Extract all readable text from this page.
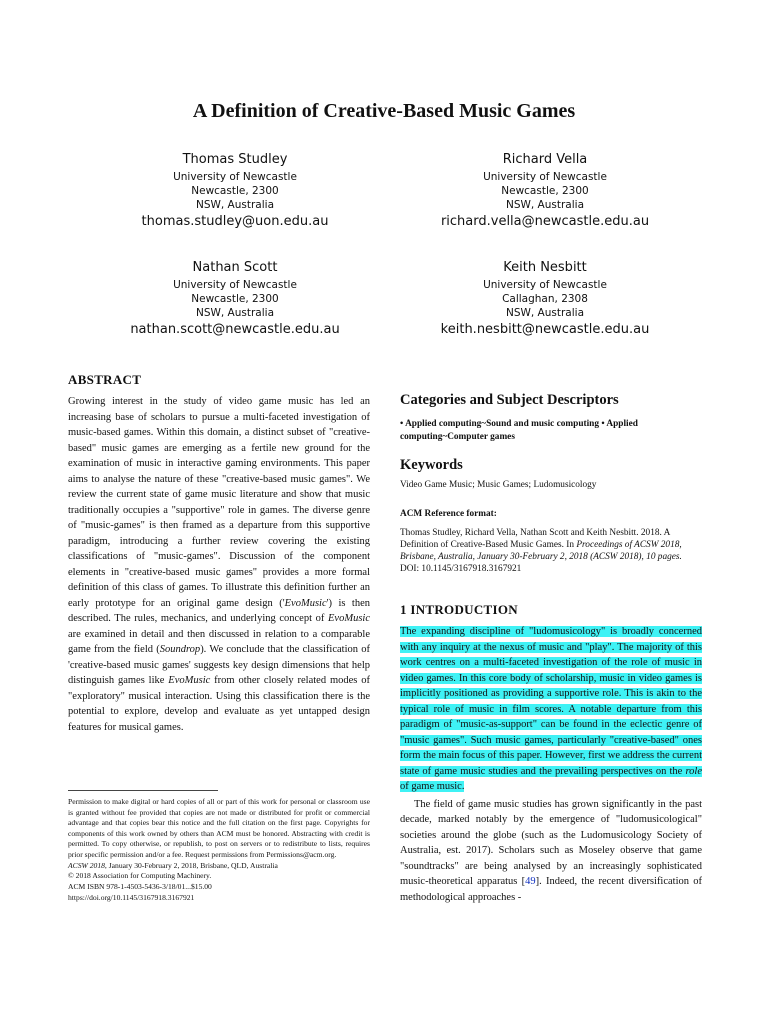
A Definition of Creative-Based Music Games
Thomas Studley
University of Newcastle
Newcastle, 2300
NSW, Australia
thomas.studley@uon.edu.au
Richard Vella
University of Newcastle
Newcastle, 2300
NSW, Australia
richard.vella@newcastle.edu.au
Nathan Scott
University of Newcastle
Newcastle, 2300
NSW, Australia
nathan.scott@newcastle.edu.au
Keith Nesbitt
University of Newcastle
Callaghan, 2308
NSW, Australia
keith.nesbitt@newcastle.edu.au
ABSTRACT

Growing interest in the study of video game music has led an increasing base of scholars to pursue a multi-faceted investigation of music-based games. Within this domain, a distinct subset of "creative-based" music games are emerging as a fertile new ground for the examination of music in interactive gaming environments. This paper aims to analyse the nature of these "creative-based music games". We review the current state of game music literature and show that music traditionally occupies a "supportive" role in games. The diverse genre of "music-games" is then framed as a departure from this supportive paradigm, introducing a further review covering the existing classifications of "music-games". Discussion of the component elements in "creative-based music games" provides a more formal definition of this class of games. To illustrate this definition further an early prototype for an original game design ('EvoMusic') is then described. The rules, mechanics, and underlying concept of EvoMusic are examined in detail and then discussed in relation to a comparable game from the field (Soundrop). We conclude that the classification of 'creative-based music games' suggests key design dimensions that help distinguish games like EvoMusic from other closely related modes of "exploratory" musical interaction. Using this classification there is the potential to explore, develop and evaluate as yet untapped design features for musical games.

Permission to make digital or hard copies of all or part of this work for personal or classroom use is granted without fee provided that copies are not made or distributed for profit or commercial advantage and that copies bear this notice and the full citation on the first page. Copyrights for components of this work owned by others than ACM must be honored. Abstracting with credit is permitted. To copy otherwise, or republish, to post on servers or to redistribute to lists, requires prior specific permission and/or a fee. Request permissions from Permissions@acm.org.

ACSW 2018, January 30-February 2, 2018, Brisbane, QLD, Australia

© 2018 Association for Computing Machinery.

ACM ISBN 978-1-4503-5436-3/18/01...$15.00

https://doi.org/10.1145/3167918.3167921

Categories and Subject Descriptors

• Applied computing~Sound and music computing • Applied computing~Computer games

Keywords

Video Game Music; Music Games; Ludomusicology

ACM Reference format:

Thomas Studley, Richard Vella, Nathan Scott and Keith Nesbitt. 2018. A Definition of Creative-Based Music Games. In Proceedings of ACSW 2018, Brisbane, Australia, January 30-February 2, 2018 (ACSW 2018), 10 pages.

DOI: 10.1145/3167918.3167921

1 INTRODUCTION

The expanding discipline of "ludomusicology" is broadly concerned with any inquiry at the nexus of music and "play". The majority of this work centres on a multi-faceted investigation of the role of music in video games. In this core body of scholarship, music in video games is implicitly positioned as providing a supportive role. This is akin to the typical role of music in film scores. A notable departure from this paradigm of "music-as-support" can be found in the eclectic genre of "music games". Such music games, particularly "creative-based" ones form the main focus of this paper. However, first we address the current state of game music studies and the prevailing perspectives on the role of game music.

The field of game music studies has grown significantly in the past decade, marked notably by the emergence of "ludomusicological" societies around the globe (such as the Ludomusicology Society of Australia, est. 2017). Scholars such as Moseley observe that game "soundtracks" are being analysed by an increasingly sophisticated music-theoretical apparatus [49]. Indeed, the recent diversification of methodological approaches -
